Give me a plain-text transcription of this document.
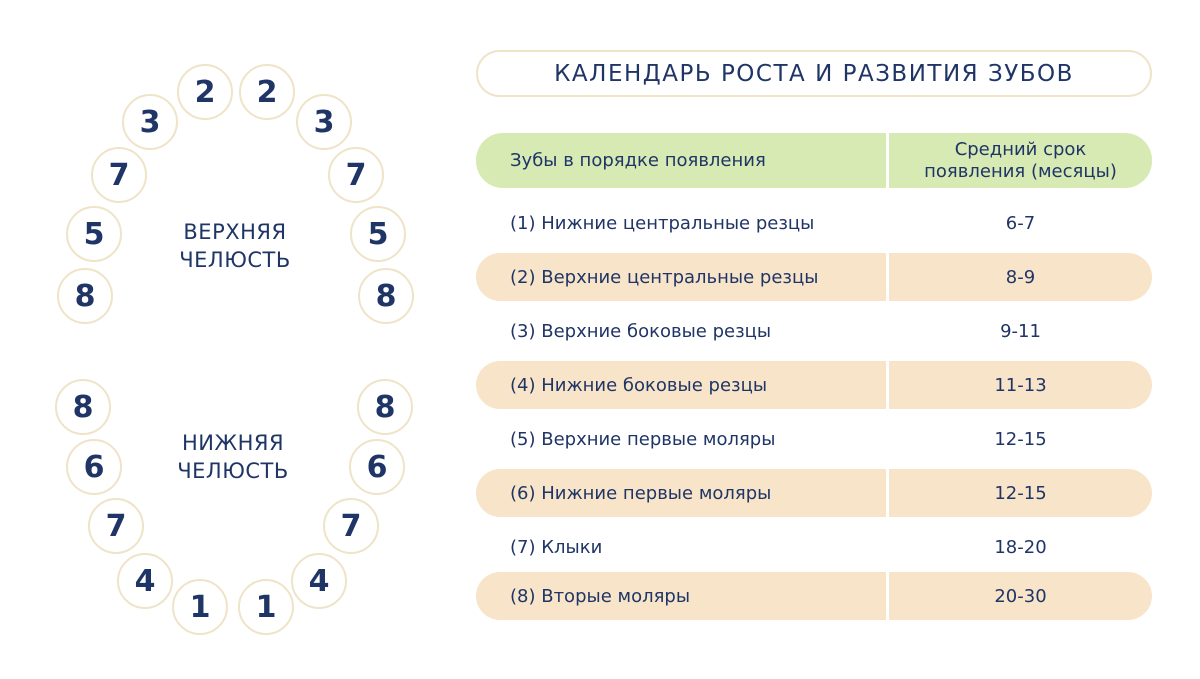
2	2
3	3
7	7
5	5
8	8
ВЕРХНЯЯ
ЧЕЛЮСТЬ
8	8
6	6
7	7
4	4
1	1
НИЖНЯЯ
ЧЕЛЮСТЬ
КАЛЕНДАРЬ РОСТА И РАЗВИТИЯ ЗУБОВ
Зубы в порядке появления
Средний срок
появления (месяцы)
(1) Нижние центральные резцы	6-7
(2) Верхние центральные резцы	8-9
(3) Верхние боковые резцы	9-11
(4) Нижние боковые резцы	11-13
(5) Верхние первые моляры	12-15
(6) Нижние первые моляры	12-15
(7) Клыки	18-20
(8) Вторые моляры	20-30
